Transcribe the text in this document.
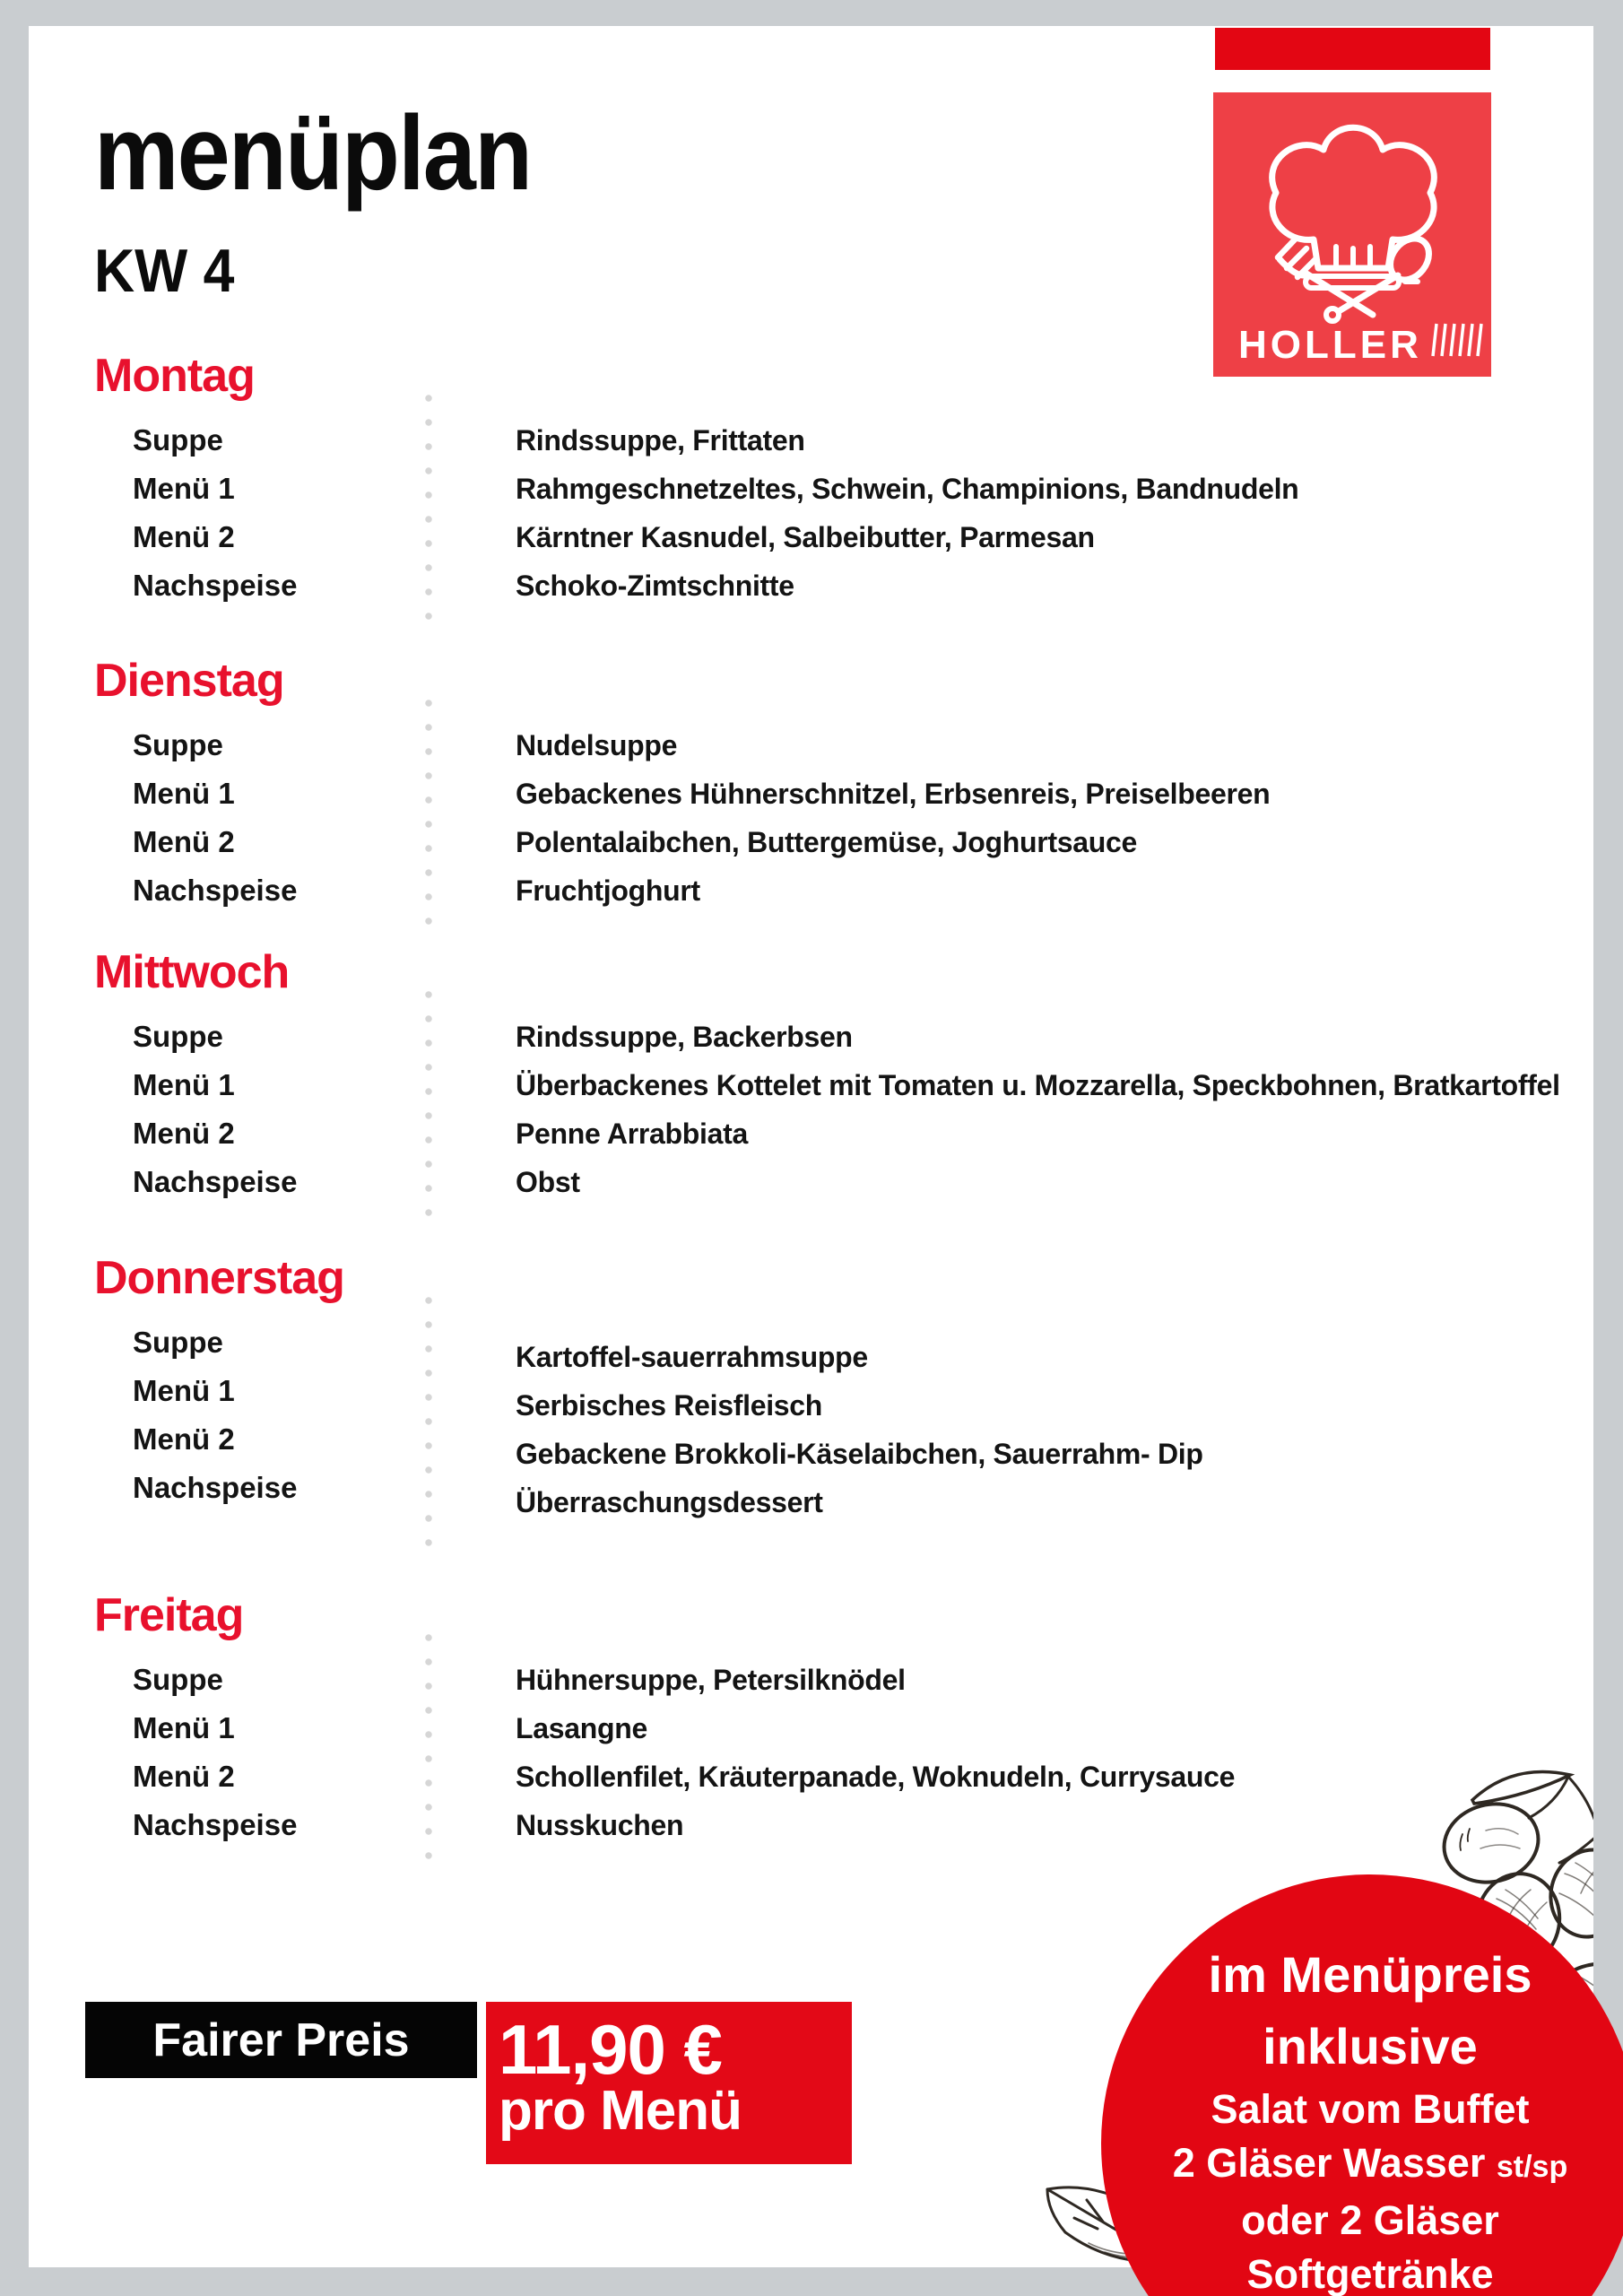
menüplan
KW 4
HOLLER
Montag
Suppe	Rindssuppe, Frittaten
Menü 1	Rahmgeschnetzeltes, Schwein, Champinions, Bandnudeln
Menü 2	Kärntner Kasnudel, Salbeibutter, Parmesan
Nachspeise	Schoko-Zimtschnitte
Dienstag
Suppe	Nudelsuppe
Menü 1	Gebackenes Hühnerschnitzel, Erbsenreis, Preiselbeeren
Menü 2	Polentalaibchen, Buttergemüse, Joghurtsauce
Nachspeise	Fruchtjoghurt
Mittwoch
Suppe	Rindssuppe, Backerbsen
Menü 1	Überbackenes Kottelet mit Tomaten u. Mozzarella, Speckbohnen, Bratkartoffel
Menü 2	Penne Arrabbiata
Nachspeise	Obst
Donnerstag
Suppe	Kartoffel-sauerrahmsuppe
Menü 1	Serbisches Reisfleisch
Menü 2	Gebackene Brokkoli-Käselaibchen, Sauerrahm- Dip
Nachspeise	Überraschungsdessert
Freitag
Suppe	Hühnersuppe, Petersilknödel
Menü 1	Lasangne
Menü 2	Schollenfilet, Kräuterpanade, Woknudeln, Currysauce
Nachspeise	Nusskuchen
Fairer Preis 11,90 €
pro Menü
im Menüpreis
inklusive
Salat vom Buffet
2 Gläser Wasser st/sp
oder 2 Gläser
Softgetränke
